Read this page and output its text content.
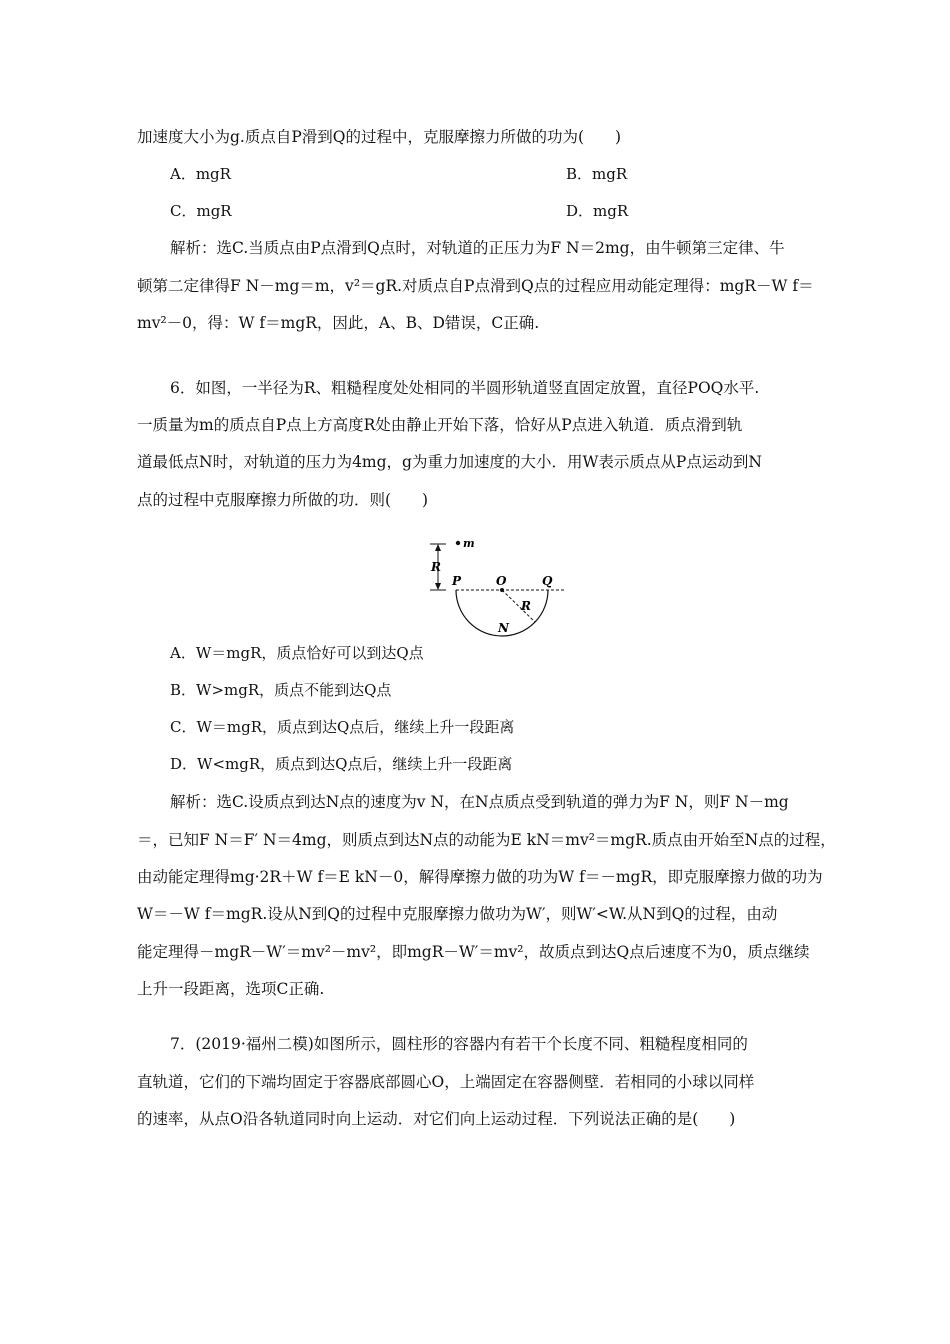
加速度大小为g.质点自P滑到Q的过程中，克服摩擦力所做的功为(　　)
A．mgR	B．mgR
C．mgR	D．mgR
解析：选C.当质点由P点滑到Q点时，对轨道的正压力为F N＝2mg，由牛顿第三定律、牛
顿第二定律得F N－mg＝m，v²＝gR.对质点自P点滑到Q点的过程应用动能定理得：mgR－W f＝
mv²－0，得：W f＝mgR，因此，A、B、D错误，C正确.
6．如图，一半径为R、粗糙程度处处相同的半圆形轨道竖直固定放置，直径POQ水平.
一质量为m的质点自P点上方高度R处由静止开始下落，恰好从P点进入轨道．质点滑到轨
道最低点N时，对轨道的压力为4mg，g为重力加速度的大小．用W表示质点从P点运动到N
点的过程中克服摩擦力所做的功．则(　　)
R
m
P	O	Q
R
N
A．W＝mgR，质点恰好可以到达Q点
B．W>mgR，质点不能到达Q点
C．W＝mgR，质点到达Q点后，继续上升一段距离
D．W<mgR，质点到达Q点后，继续上升一段距离
解析：选C.设质点到达N点的速度为v N，在N点质点受到轨道的弹力为F N，则F N－mg
＝，已知F N＝F′ N＝4mg，则质点到达N点的动能为E kN＝mv²＝mgR.质点由开始至N点的过程，
由动能定理得mg·2R＋W f＝E kN－0，解得摩擦力做的功为W f＝－mgR，即克服摩擦力做的功为
W＝－W f＝mgR.设从N到Q的过程中克服摩擦力做功为W′，则W′<W.从N到Q的过程，由动
能定理得－mgR－W′＝mv²－mv²，即mgR－W′＝mv²，故质点到达Q点后速度不为0，质点继续
上升一段距离，选项C正确.
7．(2019·福州二模)如图所示，圆柱形的容器内有若干个长度不同、粗糙程度相同的
直轨道，它们的下端均固定于容器底部圆心O，上端固定在容器侧壁．若相同的小球以同样
的速率，从点O沿各轨道同时向上运动．对它们向上运动过程．下列说法正确的是(　　)
